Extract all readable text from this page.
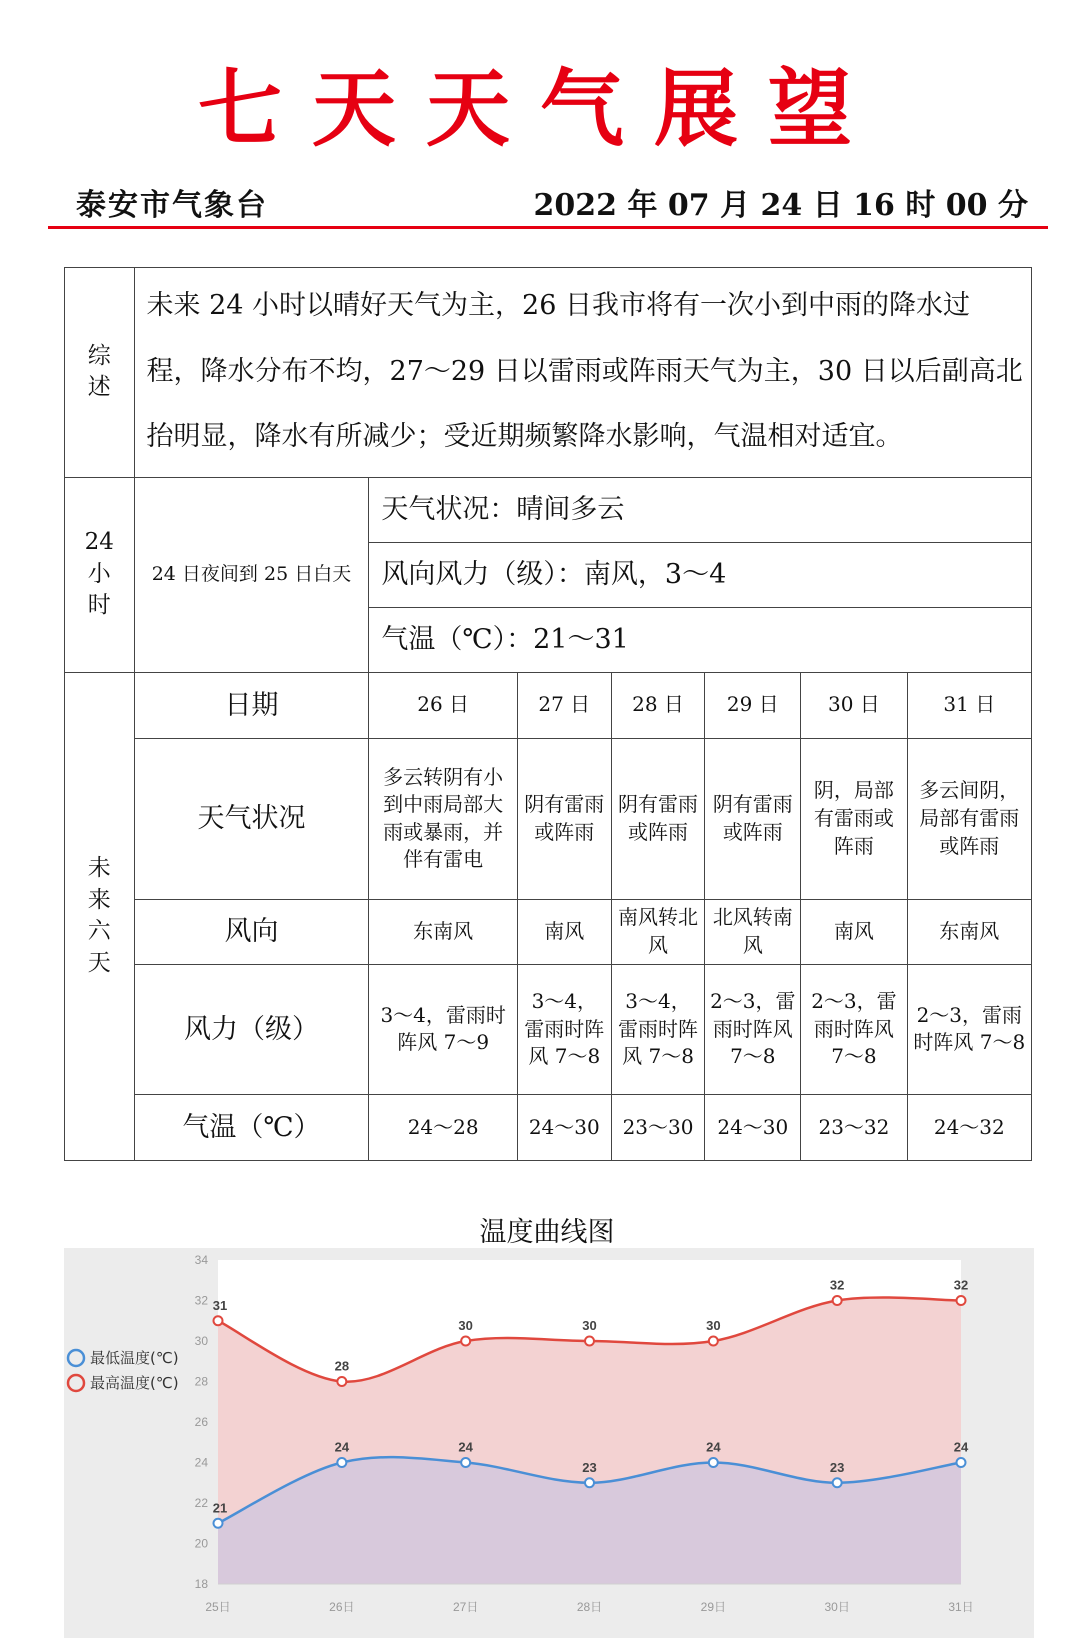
七天天气展望
泰安市气象台	2022 年 07 月 24 日 16 时 00 分
综述	未来 24 小时以晴好天气为主，26 日我市将有一次小到中雨的降水过程，降水分布不均，27～29 日以雷雨或阵雨天气为主，30 日以后副高北抬明显，降水有所减少；受近期频繁降水影响，气温相对适宜。						

24 小时	24 日夜间到 25 日白天	天气状况：晴间多云					
		风向风力（级）：南风，3～4					
		气温（℃）：21～31					

未来六天	日期	26 日	27 日	28 日	29 日	30 日	31 日
	天气状况	多云转阴有小到中雨局部大雨或暴雨，并伴有雷电	阴有雷雨或阵雨	阴有雷雨或阵雨	阴有雷雨或阵雨	阴，局部有雷雨或阵雨	多云间阴，局部有雷雨或阵雨
	风向	东南风	南风	南风转北风	北风转南风	南风	东南风
	风力（级）	3～4，雷雨时阵风 7～9	3～4，雷雨时阵风 7～8	3～4，雷雨时阵风 7～8	2～3，雷雨时阵风 7～8	2～3，雷雨时阵风 7～8	2～3，雷雨时阵风 7～8
	气温（℃）	24～28	24～30	23～30	24～30	23～32	24～32
温度曲线图
18
20
22
24
26
28
30
32
34
25日	26日	27日	28日	29日	30日	31日
21
24	24
23
24
23
24
31
28
30	30	30
32	32
最低温度(℃)
最高温度(℃)
